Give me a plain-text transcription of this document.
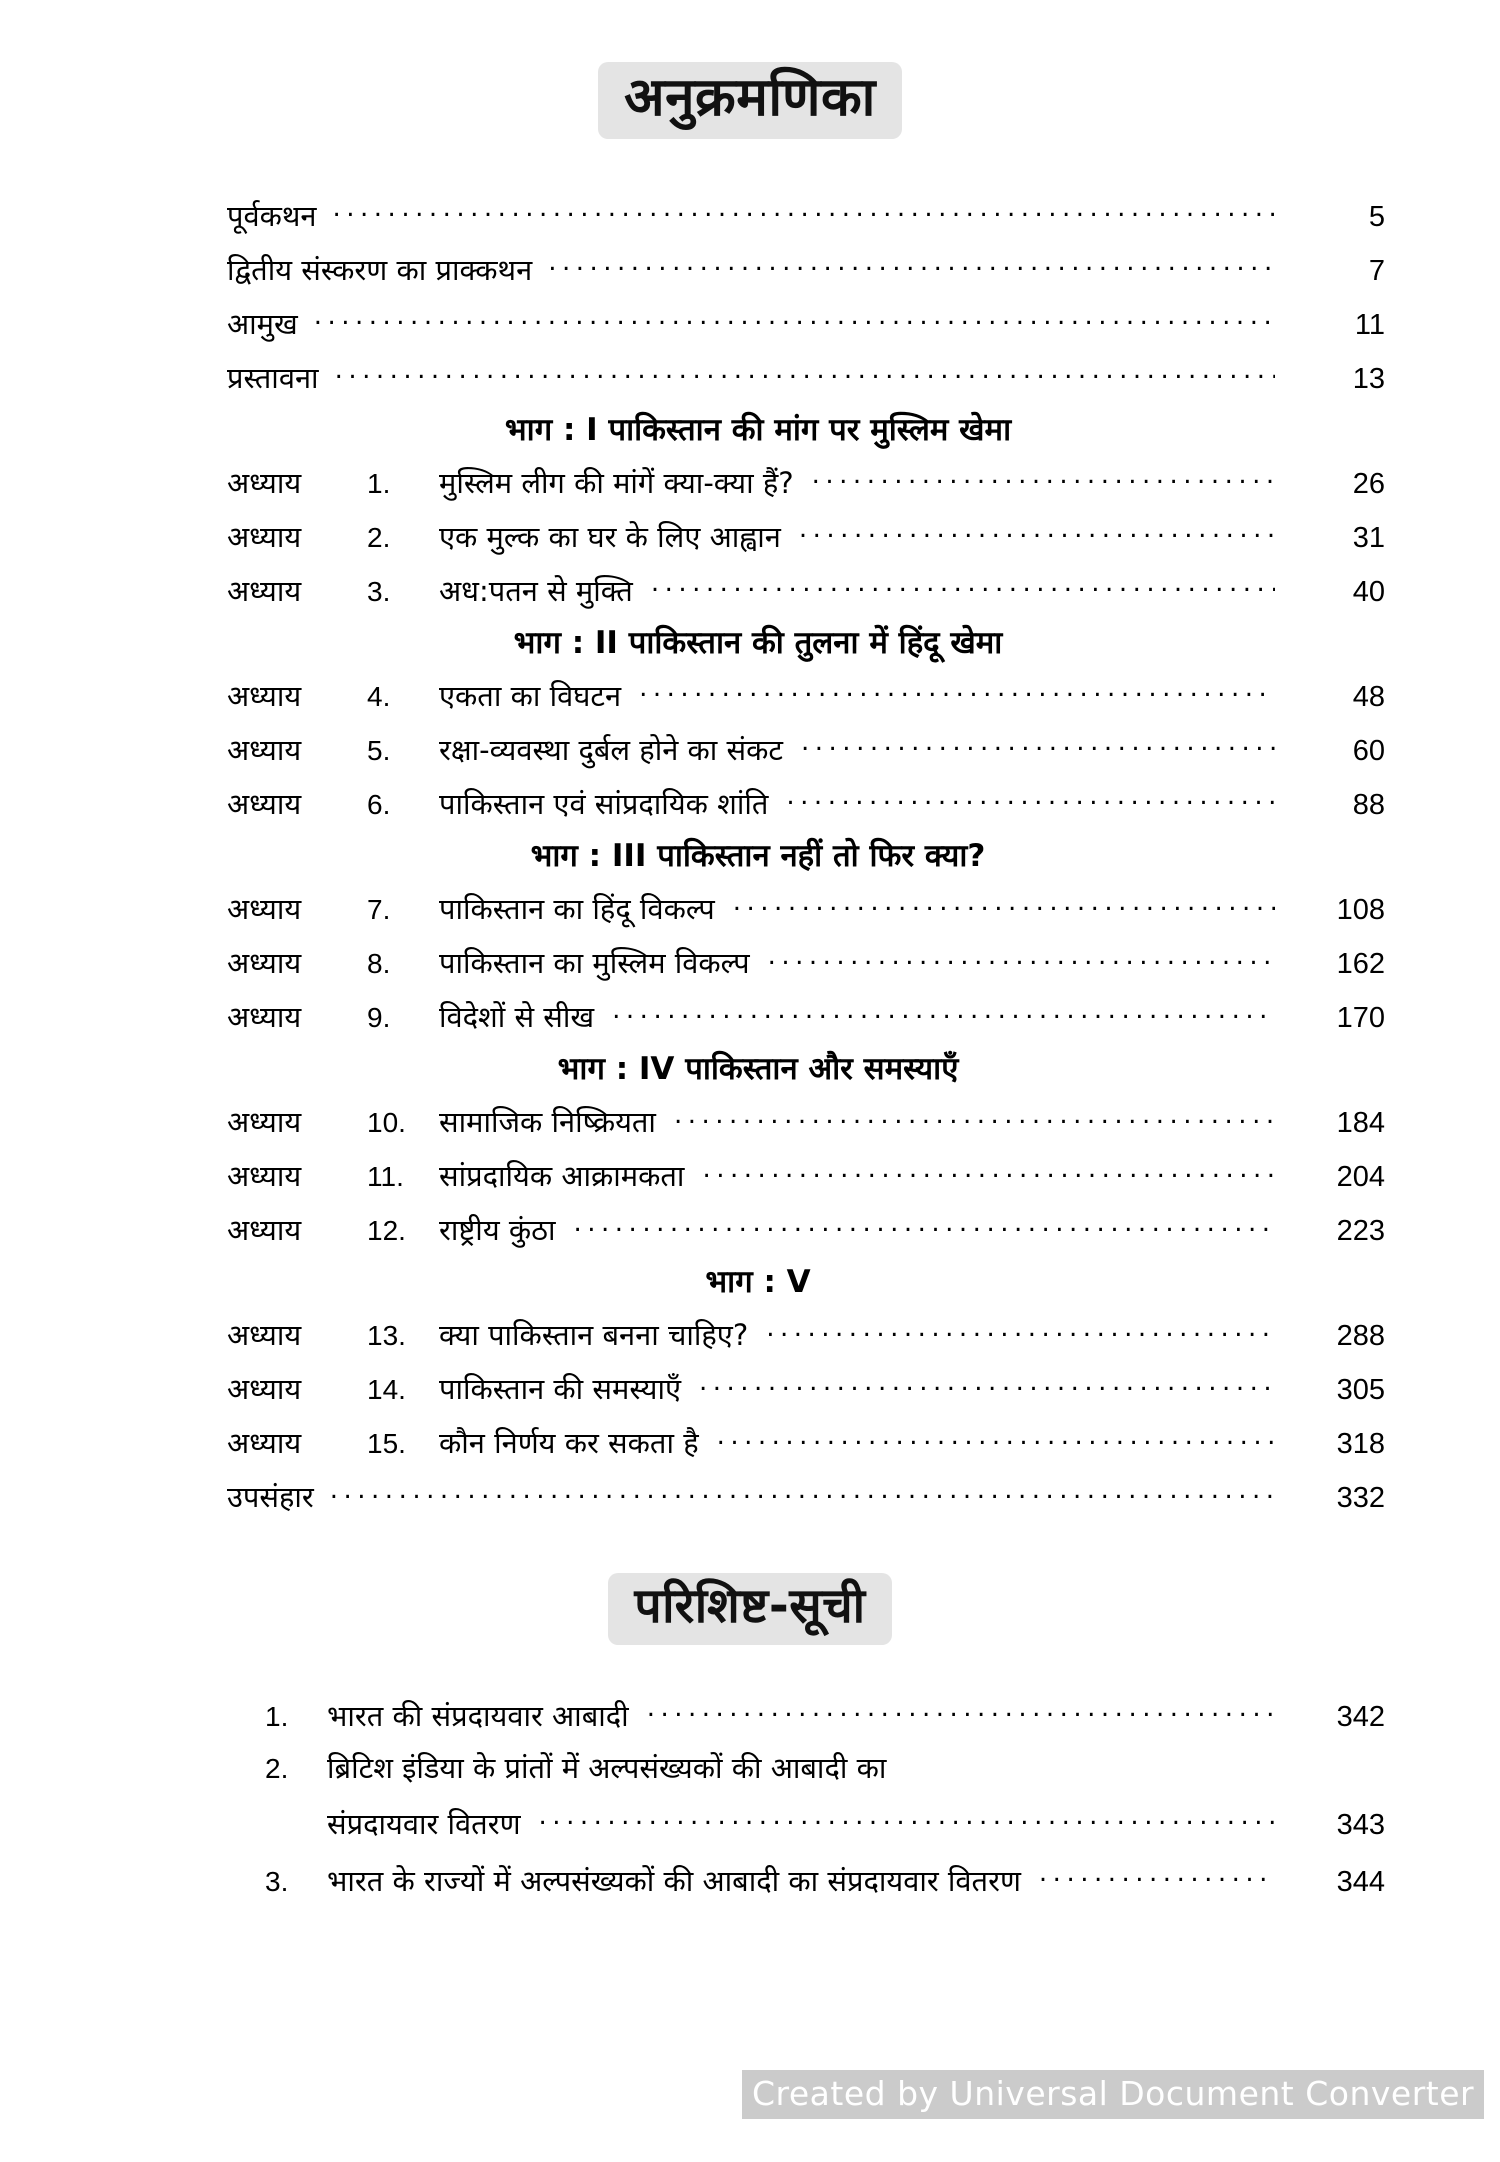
अनुक्रमणिका
पूर्वकथन .....	5
द्वितीय संस्करण का प्राक्कथन .....	7
आमुख .....	11
प्रस्तावना .....	13
भाग : I पाकिस्तान की मांग पर मुस्लिम खेमा
अध्याय	1.	मुस्लिम लीग की मांगें क्या-क्या हैं? .....	26
अध्याय	2.	एक मुल्क का घर के लिए आह्वान .....	31
अध्याय	3.	अध:पतन से मुक्ति .....	40
भाग : II पाकिस्तान की तुलना में हिंदू खेमा
अध्याय	4.	एकता का विघटन .....	48
अध्याय	5.	रक्षा-व्यवस्था दुर्बल होने का संकट .....	60
अध्याय	6.	पाकिस्तान एवं सांप्रदायिक शांति .....	88
भाग : III पाकिस्तान नहीं तो फिर क्या?
अध्याय	7.	पाकिस्तान का हिंदू विकल्प .....	108
अध्याय	8.	पाकिस्तान का मुस्लिम विकल्प .....	162
अध्याय	9.	विदेशों से सीख .....	170
भाग : IV पाकिस्तान और समस्याएँ
अध्याय	10.	सामाजिक निष्क्रियता .....	184
अध्याय	11.	सांप्रदायिक आक्रामकता .....	204
अध्याय	12.	राष्ट्रीय कुंठा .....	223
भाग : V
अध्याय	13.	क्या पाकिस्तान बनना चाहिए? .....	288
अध्याय	14.	पाकिस्तान की समस्याएँ .....	305
अध्याय	15.	कौन निर्णय कर सकता है .....	318
उपसंहार .....	332
परिशिष्ट-सूची
1.	भारत की संप्रदायवार आबादी .....	342
2.	ब्रिटिश इंडिया के प्रांतों में अल्पसंख्यकों की आबादी का
संप्रदायवार वितरण .....	343
3.	भारत के राज्यों में अल्पसंख्यकों की आबादी का संप्रदायवार वितरण .....	344
Created by Universal Document Converter
